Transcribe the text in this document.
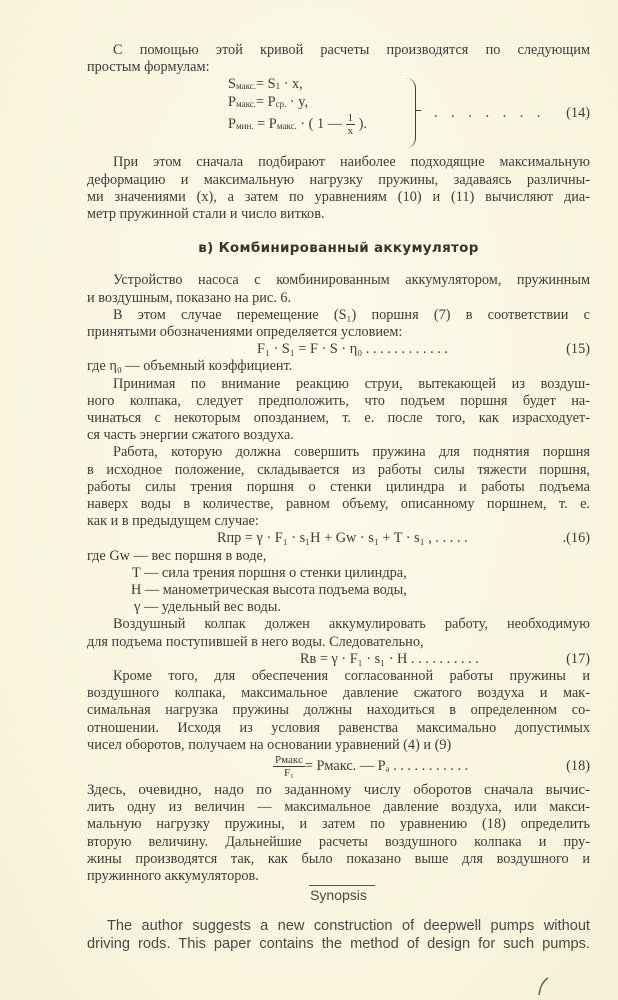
С помощью этой кривой расчеты производятся по следующим

простым формулам:

Sмакс.= S1 · x,
Pмакс.= Pср. · y,
Pмин. = Pмакс. · ( 1 — $\frac{1}{x}$ ).
. . . . . . . (14)

При этом сначала подбирают наиболее подходящие максимальную

деформацию и максимальную нагрузку пружины, задаваясь различны-

ми значениями (x), а затем по уравнениям (10) и (11) вычисляют диа-

метр пружинной стали и число витков.

в) Комбинированный аккумулятор

Устройство насоса с комбинированным аккумулятором, пружинным

и воздушным, показано на рис. 6.

В этом случае перемещение (S₁) поршня (7) в соответствии с

принятыми обозначениями определяется условием:

F₁ · S₁ = F · S · η₀ . . . . . . . . . . . .	(15)

где η₀ — объемный коэффициент.

Принимая по внимание реакцию струи, вытекающей из воздуш-

ного колпака, следует предположить, что подъем поршня будет на-

чинаться с некоторым опозданием, т. е. после того, как израсходует-

ся часть энергии сжатого воздуха.

Работа, которую должна совершить пружина для поднятия поршня

в исходное положение, складывается из работы силы тяжести поршня,

работы силы трения поршня о стенки цилиндра и работы подъема

наверх воды в количестве, равном объему, описанному поршнем, т. е.

как и в предыдущем случае:

Rпр = γ · F₁ · s₁H + Gw · s₁ + T · s₁ , . . . . .	.(16)
где Gw — вес поршня в воде,
T — сила трения поршня о стенки цилиндра,
H — манометрическая высота подъема воды,
γ — удельный вес воды.

Воздушный колпак должен аккумулировать работу, необходимую

для подъема поступившей в него воды. Следовательно,

Rв = γ · F₁ · s₁ · H . . . . . . . . . .	(17)

Кроме того, для обеспечения согласованной работы пружины и

воздушного колпака, максимальное давление сжатого воздуха и мак-

симальная нагрузка пружины должны находиться в определенном со-

отношении. Исходя из условия равенства максимально допустимых

чисел оборотов, получаем на основании уравнений (4) и (9)

$\frac{\text{Pмакс}}{\text{F₁}}$ = Pмакс. — Pₐ . . . . . . . . . . .	(18)

Здесь, очевидно, надо по заданному числу оборотов сначала вычис-

лить одну из величин — максимальное давление воздуха, или макси-

мальную нагрузку пружины, и затем по уравнению (18) определить

вторую величину. Дальнейшие расчеты воздушного колпака и пру-

жины производятся так, как было показано выше для воздушного и

пружинного аккумуляторов.

Synopsis

The author suggests a new construction of deepwell pumps without

driving rods. This paper contains the method of design for such pumps.
